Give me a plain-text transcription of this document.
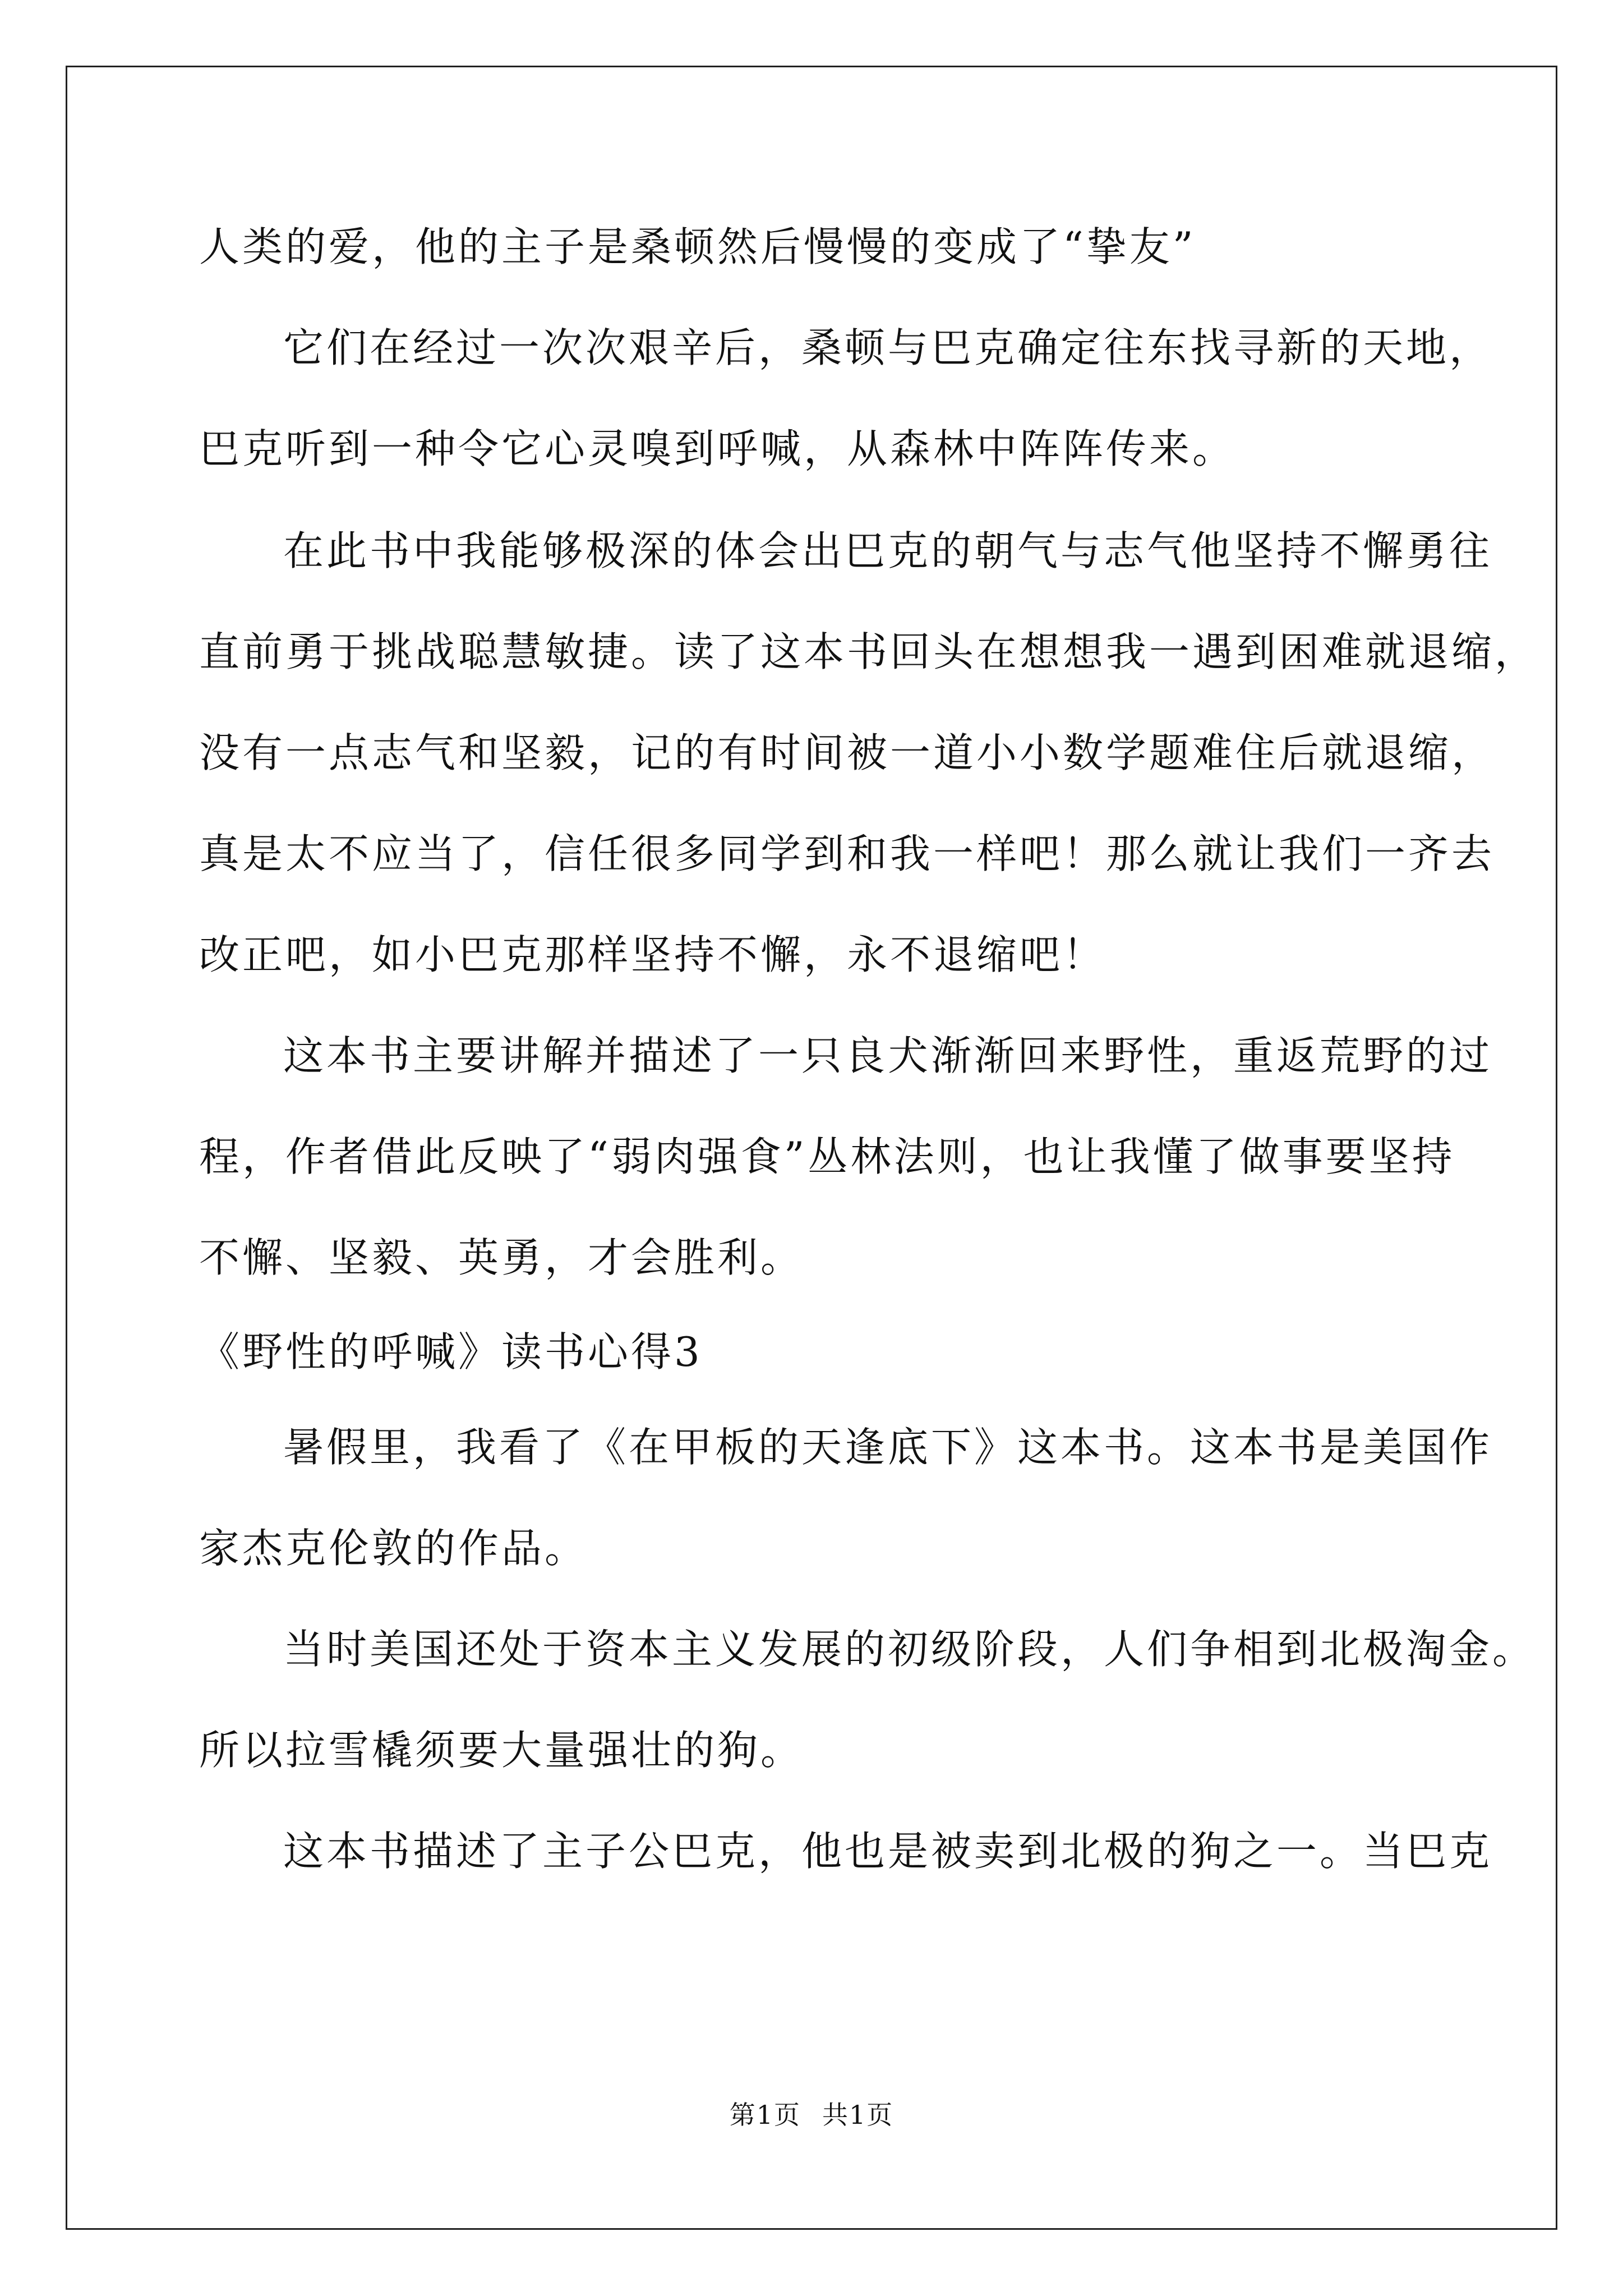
人类的爱，他的主子是桑顿然后慢慢的变成了“挚友”
它们在经过一次次艰辛后，桑顿与巴克确定往东找寻新的天地，
巴克听到一种令它心灵嗅到呼喊，从森林中阵阵传来。
在此书中我能够极深的体会出巴克的朝气与志气他坚持不懈勇往
直前勇于挑战聪慧敏捷。读了这本书回头在想想我一遇到困难就退缩，
没有一点志气和坚毅，记的有时间被一道小小数学题难住后就退缩，
真是太不应当了，信任很多同学到和我一样吧！那么就让我们一齐去
改正吧，如小巴克那样坚持不懈，永不退缩吧！
这本书主要讲解并描述了一只良犬渐渐回来野性，重返荒野的过
程，作者借此反映了“弱肉强食”丛林法则，也让我懂了做事要坚持
不懈、坚毅、英勇，才会胜利。
《野性的呼喊》读书心得3
暑假里，我看了《在甲板的天逢底下》这本书。这本书是美国作
家杰克伦敦的作品。
当时美国还处于资本主义发展的初级阶段，人们争相到北极淘金。
所以拉雪橇须要大量强壮的狗。
这本书描述了主子公巴克，他也是被卖到北极的狗之一。当巴克
第1页 共1页
